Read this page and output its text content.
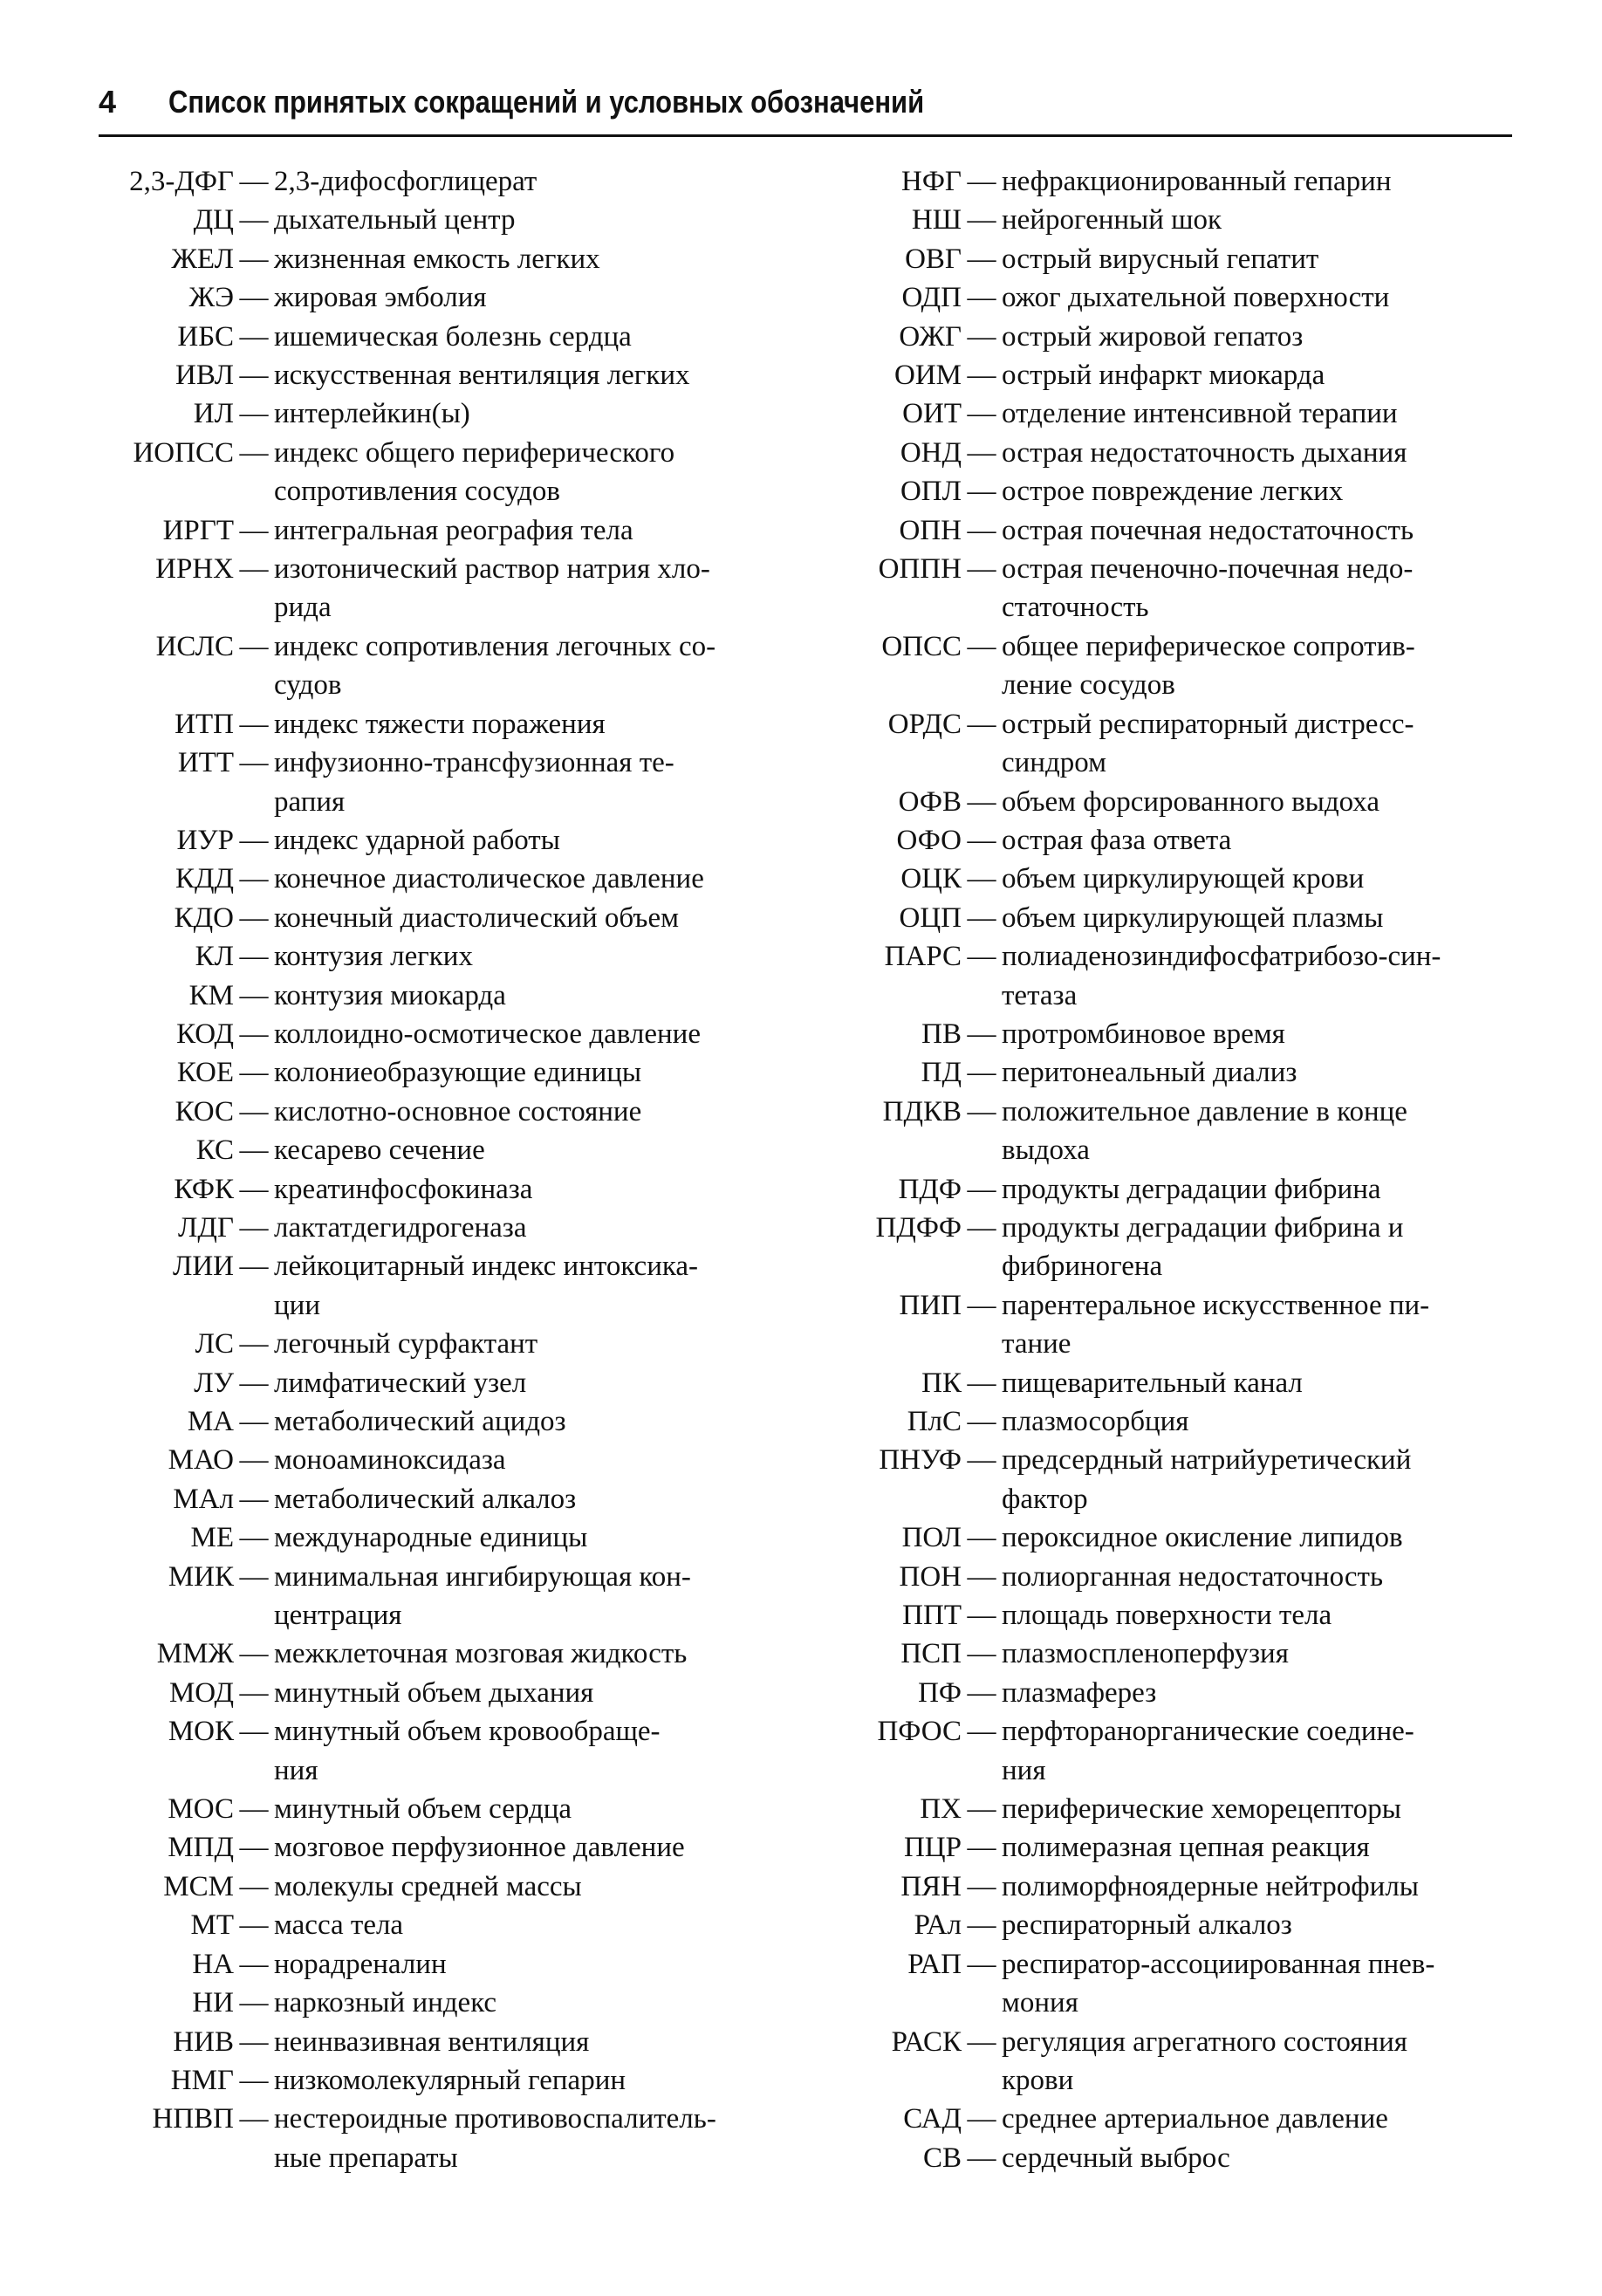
4 Список принятых сокращений и условных обозначений
2,3-ДФГ — 2,3-дифосфоглицерат
ДЦ — дыхательный центр
ЖЕЛ — жизненная емкость легких
ЖЭ — жировая эмболия
ИБС — ишемическая болезнь сердца
ИВЛ — искусственная вентиляция легких
ИЛ — интерлейкин(ы)
ИОПСС — индекс общего периферического
сопротивления сосудов
ИРГТ — интегральная реография тела
ИРНХ — изотонический раствор натрия хло-
рида
ИСЛС — индекс сопротивления легочных со-
судов
ИТП — индекс тяжести поражения
ИТТ — инфузионно-трансфузионная те-
рапия
ИУР — индекс ударной работы
КДД — конечное диастолическое давление
КДО — конечный диастолический объем
КЛ — контузия легких
КМ — контузия миокарда
КОД — коллоидно-осмотическое давление
КОЕ — колониеобразующие единицы
КОС — кислотно-основное состояние
КС — кесарево сечение
КФК — креатинфосфокиназа
ЛДГ — лактатдегидрогеназа
ЛИИ — лейкоцитарный индекс интоксика-
ции
ЛС — легочный сурфактант
ЛУ — лимфатический узел
МА — метаболический ацидоз
МАО — моноаминоксидаза
МАл — метаболический алкалоз
МЕ — международные единицы
МИК — минимальная ингибирующая кон-
центрация
ММЖ — межклеточная мозговая жидкость
МОД — минутный объем дыхания
МОК — минутный объем кровообраще-
ния
МОС — минутный объем сердца
МПД — мозговое перфузионное давление
МСМ — молекулы средней массы
МТ — масса тела
НА — норадреналин
НИ — наркозный индекс
НИВ — неинвазивная вентиляция
НМГ — низкомолекулярный гепарин
НПВП — нестероидные противовоспалитель-
ные препараты
НФГ — нефракционированный гепарин
НШ — нейрогенный шок
ОВГ — острый вирусный гепатит
ОДП — ожог дыхательной поверхности
ОЖГ — острый жировой гепатоз
ОИМ — острый инфаркт миокарда
ОИТ — отделение интенсивной терапии
ОНД — острая недостаточность дыхания
ОПЛ — острое повреждение легких
ОПН — острая почечная недостаточность
ОППН — острая печеночно-почечная недо-
статочность
ОПСС — общее периферическое сопротив-
ление сосудов
ОРДС — острый респираторный дистресс-
синдром
ОФВ — объем форсированного выдоха
ОФО — острая фаза ответа
ОЦК — объем циркулирующей крови
ОЦП — объем циркулирующей плазмы
ПАРС — полиаденозиндифосфатрибозо-син-
тетаза
ПВ — протромбиновое время
ПД — перитонеальный диализ
ПДКВ — положительное давление в конце
выдоха
ПДФ — продукты деградации фибрина
ПДФФ — продукты деградации фибрина и
фибриногена
ПИП — парентеральное искусственное пи-
тание
ПК — пищеварительный канал
ПлС — плазмосорбция
ПНУФ — предсердный натрийуретический
фактор
ПОЛ — пероксидное окисление липидов
ПОН — полиорганная недостаточность
ППТ — площадь поверхности тела
ПСП — плазмоспленоперфузия
ПФ — плазмаферез
ПФОС — перфторанорганические соедине-
ния
ПХ — периферические хеморецепторы
ПЦР — полимеразная цепная реакция
ПЯН — полиморфноядерные нейтрофилы
РАл — респираторный алкалоз
РАП — респиратор-ассоциированная пнев-
мония
РАСК — регуляция агрегатного состояния
крови
САД — среднее артериальное давление
СВ — сердечный выброс
